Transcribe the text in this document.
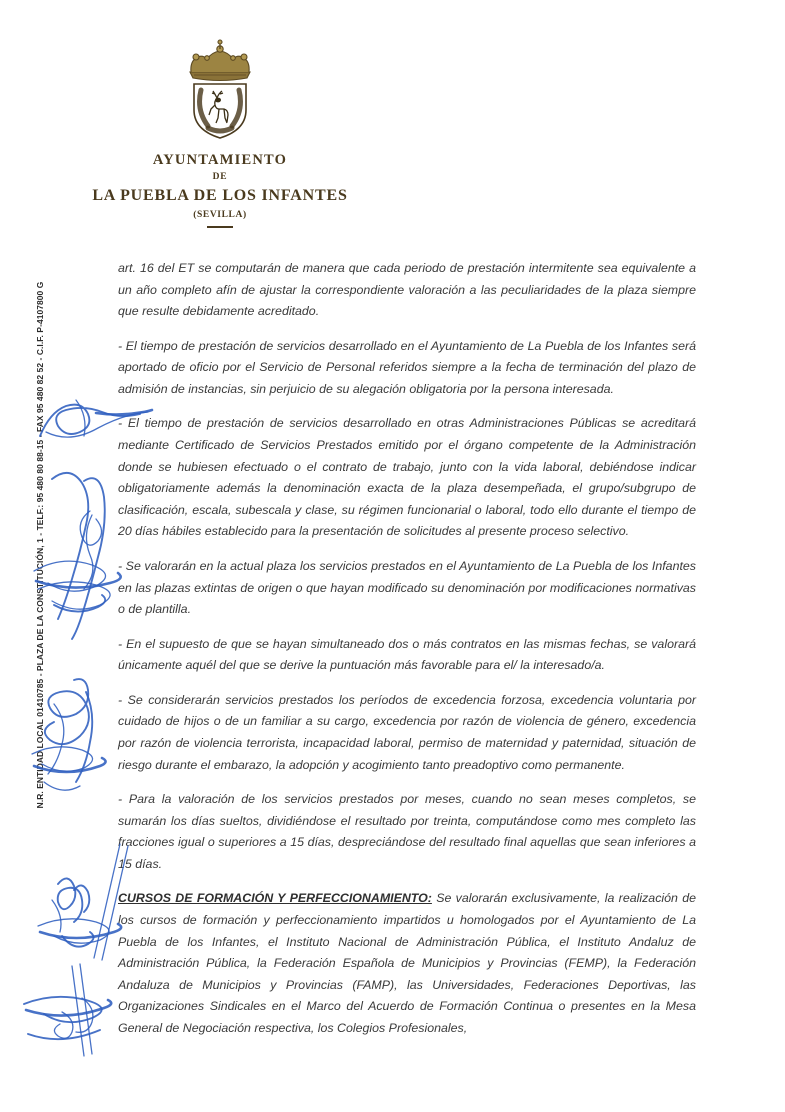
AYUNTAMIENTO
DE
LA PUEBLA DE LOS INFANTES
(SEVILLA)
N.R. ENTIDAD LOCAL 01410785 - PLAZA DE LA CONSTITUCIÓN, 1 - TELF.: 95 480 80 88-15 - FAX 95 480 82 52 - C.I.F. P-4107800 G

art. 16 del ET se computarán de manera que cada periodo de prestación intermitente sea equivalente a un año completo afín de ajustar la correspondiente valoración a las peculiaridades de la plaza siempre que resulte debidamente acreditado.

- El tiempo de prestación de servicios desarrollado en el Ayuntamiento de La Puebla de los Infantes será aportado de oficio por el Servicio de Personal referidos siempre a la fecha de terminación del plazo de admisión de instancias, sin perjuicio de su alegación obligatoria por la persona interesada.

- El tiempo de prestación de servicios desarrollado en otras Administraciones Públicas se acreditará mediante Certificado de Servicios Prestados emitido por el órgano competente de la Administración donde se hubiesen efectuado o el contrato de trabajo, junto con la vida laboral, debiéndose indicar obligatoriamente además la denominación exacta de la plaza desempeñada, el grupo/subgrupo de clasificación, escala, subescala y clase, su régimen funcionarial o laboral, todo ello durante el tiempo de 20 días hábiles establecido para la presentación de solicitudes al presente proceso selectivo.

- Se valorarán en la actual plaza los servicios prestados en el Ayuntamiento de La Puebla de los Infantes en las plazas extintas de origen o que hayan modificado su denominación por modificaciones normativas o de plantilla.

- En el supuesto de que se hayan simultaneado dos o más contratos en las mismas fechas, se valorará únicamente aquél del que se derive la puntuación más favorable para el/ la interesado/a.

- Se considerarán servicios prestados los períodos de excedencia forzosa, excedencia voluntaria por cuidado de hijos o de un familiar a su cargo, excedencia por razón de violencia de género, excedencia por razón de violencia terrorista, incapacidad laboral, permiso de maternidad y paternidad, situación de riesgo durante el embarazo, la adopción y acogimiento tanto preadoptivo como permanente.

- Para la valoración de los servicios prestados por meses, cuando no sean meses completos, se sumarán los días sueltos, dividiéndose el resultado por treinta, computándose como mes completo las fracciones igual o superiores a 15 días, despreciándose del resultado final aquellas que sean inferiores a 15 días.

CURSOS DE FORMACIÓN Y PERFECCIONAMIENTO: Se valorarán exclusivamente, la realización de los cursos de formación y perfeccionamiento impartidos u homologados por el Ayuntamiento de La Puebla de los Infantes, el Instituto Nacional de Administración Pública, el Instituto Andaluz de Administración Pública, la Federación Española de Municipios y Provincias (FEMP), la Federación Andaluza de Municipios y Provincias (FAMP), las Universidades, Federaciones Deportivas, las Organizaciones Sindicales en el Marco del Acuerdo de Formación Continua o presentes en la Mesa General de Negociación respectiva, los Colegios Profesionales,
